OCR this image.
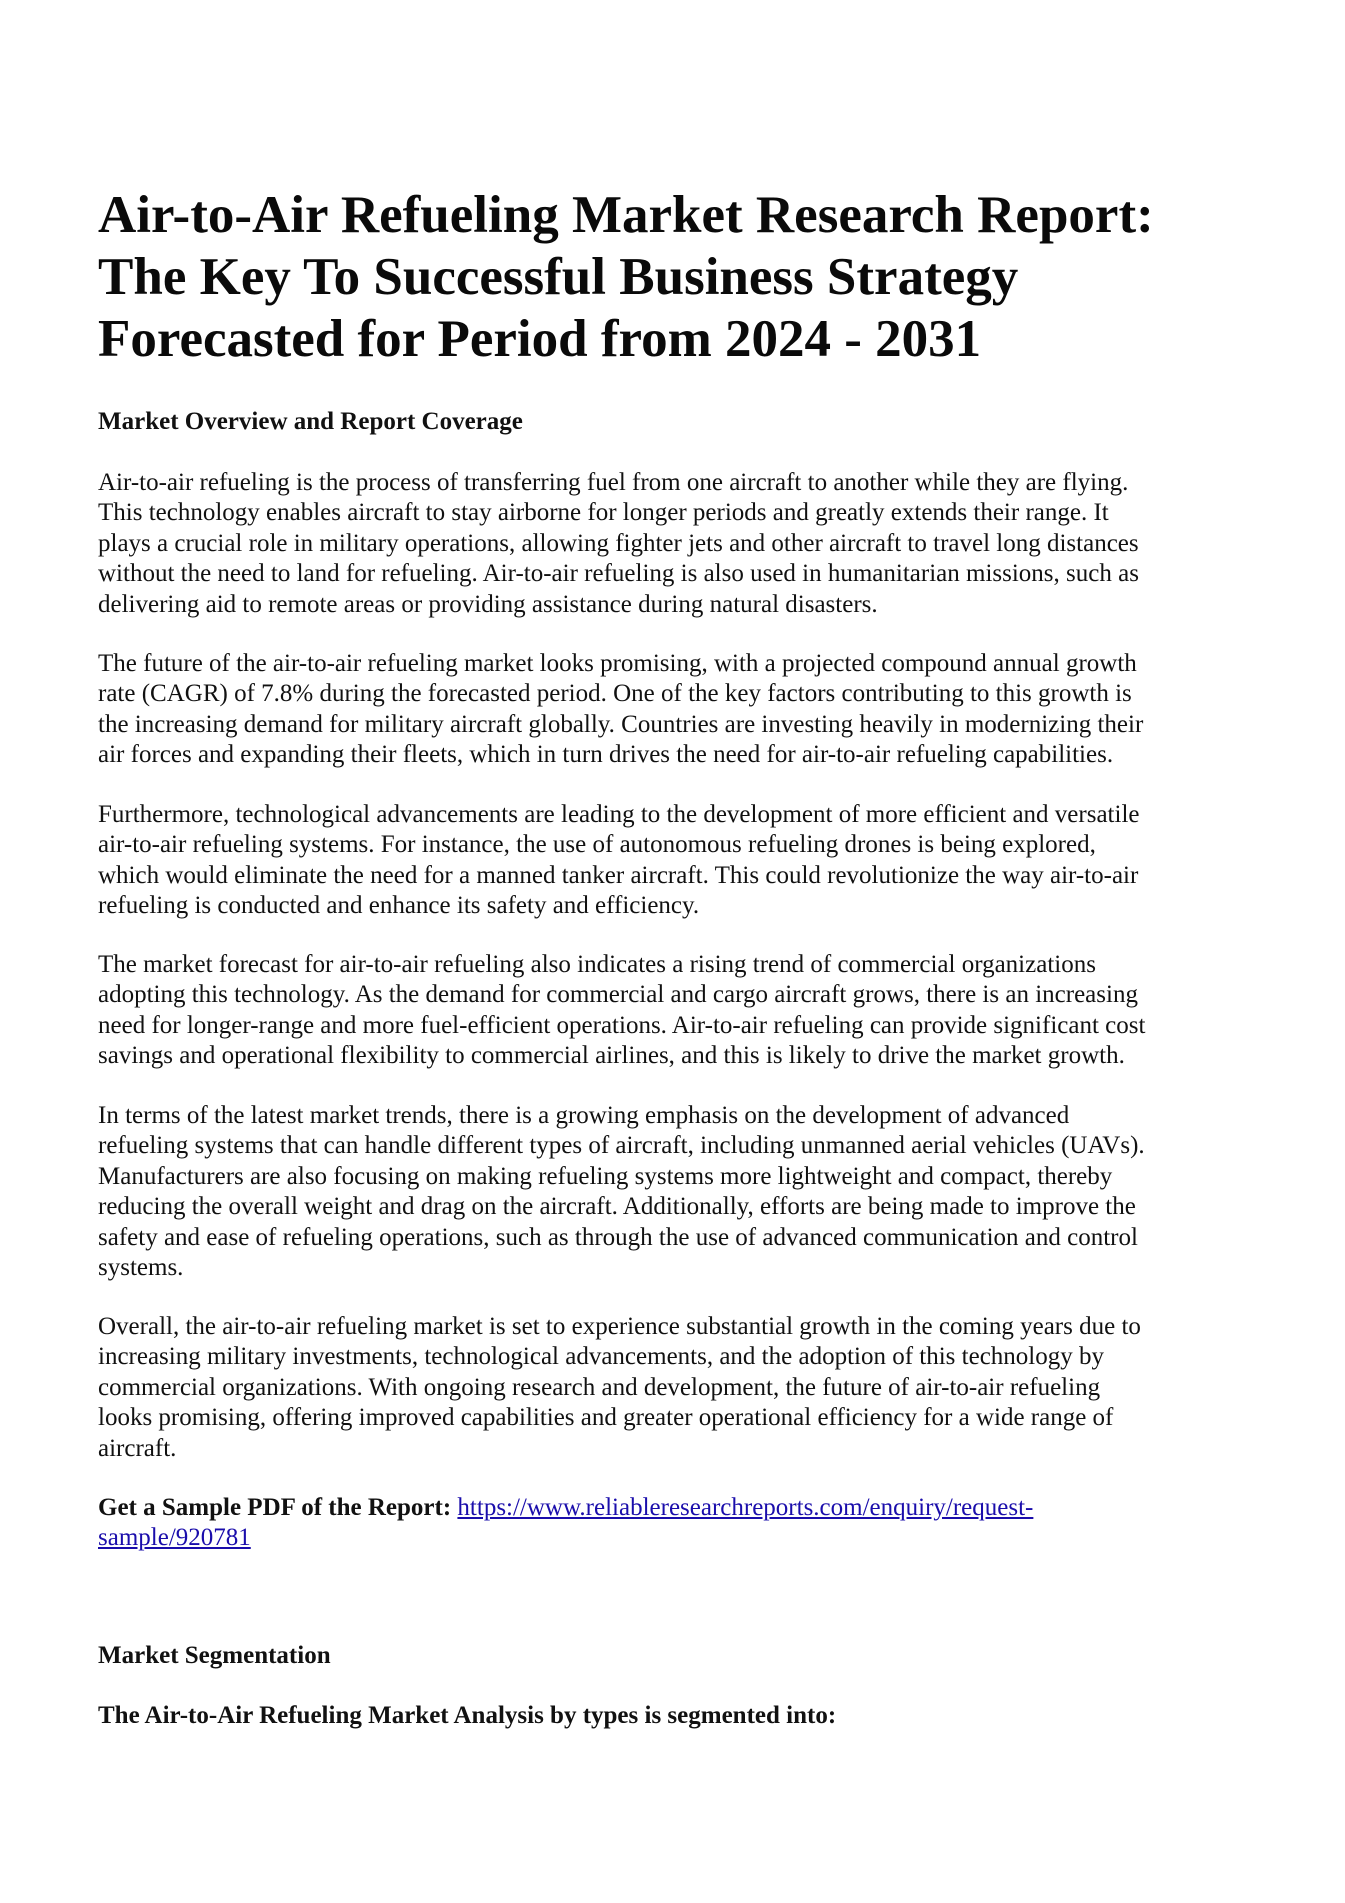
Air-to-Air Refueling Market Research Report:
The Key To Successful Business Strategy
Forecasted for Period from 2024 - 2031
Market Overview and Report Coverage

Air-to-air refueling is the process of transferring fuel from one aircraft to another while they are flying.
This technology enables aircraft to stay airborne for longer periods and greatly extends their range. It
plays a crucial role in military operations, allowing fighter jets and other aircraft to travel long distances
without the need to land for refueling. Air-to-air refueling is also used in humanitarian missions, such as
delivering aid to remote areas or providing assistance during natural disasters.

The future of the air-to-air refueling market looks promising, with a projected compound annual growth
rate (CAGR) of 7.8% during the forecasted period. One of the key factors contributing to this growth is
the increasing demand for military aircraft globally. Countries are investing heavily in modernizing their
air forces and expanding their fleets, which in turn drives the need for air-to-air refueling capabilities.

Furthermore, technological advancements are leading to the development of more efficient and versatile
air-to-air refueling systems. For instance, the use of autonomous refueling drones is being explored,
which would eliminate the need for a manned tanker aircraft. This could revolutionize the way air-to-air
refueling is conducted and enhance its safety and efficiency.

The market forecast for air-to-air refueling also indicates a rising trend of commercial organizations
adopting this technology. As the demand for commercial and cargo aircraft grows, there is an increasing
need for longer-range and more fuel-efficient operations. Air-to-air refueling can provide significant cost
savings and operational flexibility to commercial airlines, and this is likely to drive the market growth.

In terms of the latest market trends, there is a growing emphasis on the development of advanced
refueling systems that can handle different types of aircraft, including unmanned aerial vehicles (UAVs).
Manufacturers are also focusing on making refueling systems more lightweight and compact, thereby
reducing the overall weight and drag on the aircraft. Additionally, efforts are being made to improve the
safety and ease of refueling operations, such as through the use of advanced communication and control
systems.

Overall, the air-to-air refueling market is set to experience substantial growth in the coming years due to
increasing military investments, technological advancements, and the adoption of this technology by
commercial organizations. With ongoing research and development, the future of air-to-air refueling
looks promising, offering improved capabilities and greater operational efficiency for a wide range of
aircraft.

Get a Sample PDF of the Report: https://www.reliableresearchreports.com/enquiry/request-
sample/920781

Market Segmentation
The Air-to-Air Refueling Market Analysis by types is segmented into:
